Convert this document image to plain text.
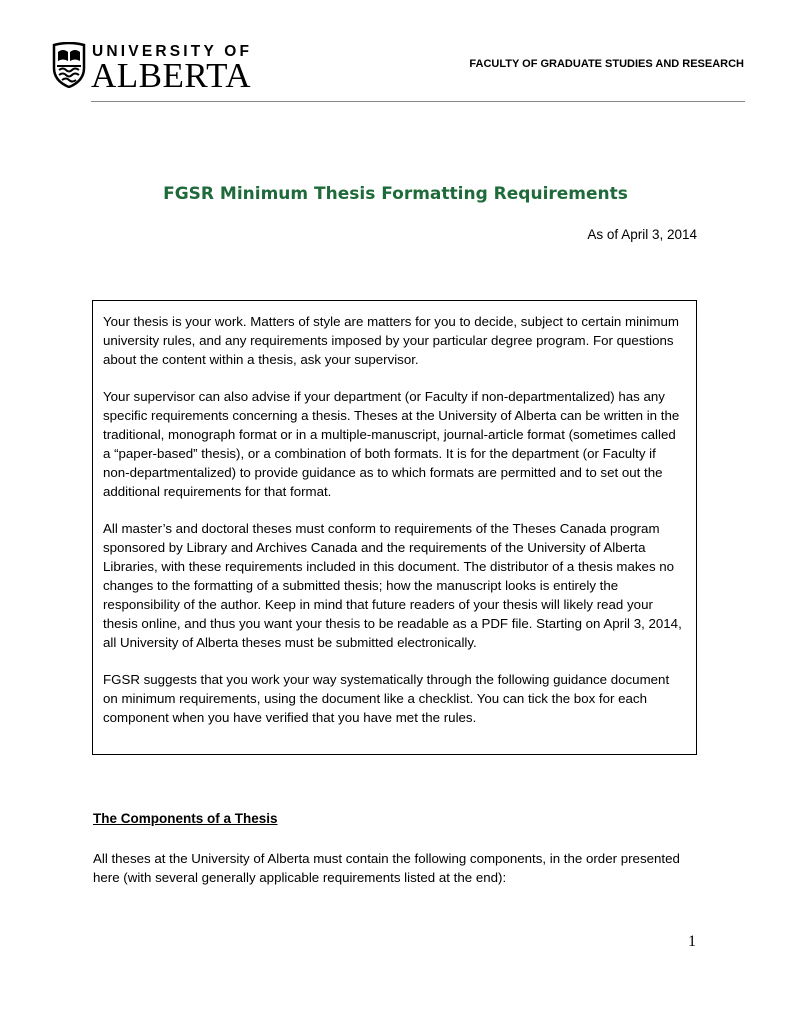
UNIVERSITY OF
ALBERTA	FACULTY OF GRADUATE STUDIES AND RESEARCH
FGSR Minimum Thesis Formatting Requirements
As of April 3, 2014

Your thesis is your work. Matters of style are matters for you to decide, subject to certain minimum university rules, and any requirements imposed by your particular degree program. For questions about the content within a thesis, ask your supervisor.

Your supervisor can also advise if your department (or Faculty if non-departmentalized) has any specific requirements concerning a thesis. Theses at the University of Alberta can be written in the traditional, monograph format or in a multiple-manuscript, journal-article format (sometimes called a “paper-based” thesis), or a combination of both formats. It is for the department (or Faculty if non-departmentalized) to provide guidance as to which formats are permitted and to set out the additional requirements for that format.

All master’s and doctoral theses must conform to requirements of the Theses Canada program sponsored by Library and Archives Canada and the requirements of the University of Alberta Libraries, with these requirements included in this document. The distributor of a thesis makes no changes to the formatting of a submitted thesis; how the manuscript looks is entirely the responsibility of the author. Keep in mind that future readers of your thesis will likely read your thesis online, and thus you want your thesis to be readable as a PDF file. Starting on April 3, 2014, all University of Alberta theses must be submitted electronically.

FGSR suggests that you work your way systematically through the following guidance document on minimum requirements, using the document like a checklist. You can tick the box for each component when you have verified that you have met the rules.

The Components of a Thesis

All theses at the University of Alberta must contain the following components, in the order presented here (with several generally applicable requirements listed at the end):

1
